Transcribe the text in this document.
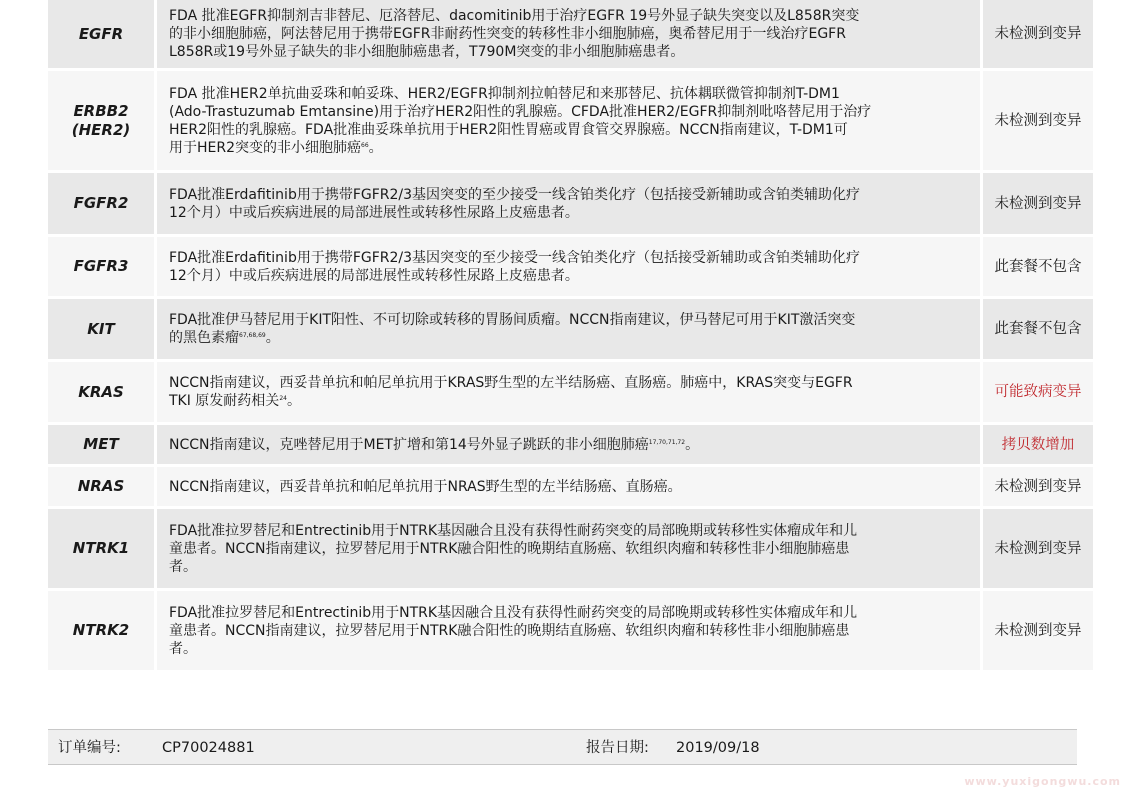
EGFR	FDA 批准EGFR抑制剂吉非替尼、厄洛替尼、dacomitinib用于治疗EGFR 19号外显子缺失突变以及L858R突变
的非小细胞肺癌，阿法替尼用于携带EGFR非耐药性突变的转移性非小细胞肺癌，奥希替尼用于一线治疗EGFR
L858R或19号外显子缺失的非小细胞肺癌患者，T790M突变的非小细胞肺癌患者。	未检测到变异
ERBB2
(HER2)	FDA 批准HER2单抗曲妥珠和帕妥珠、HER2/EGFR抑制剂拉帕替尼和来那替尼、抗体耦联微管抑制剂T-DM1
(Ado-Trastuzumab Emtansine)用于治疗HER2阳性的乳腺癌。CFDA批准HER2/EGFR抑制剂吡咯替尼用于治疗
HER2阳性的乳腺癌。FDA批准曲妥珠单抗用于HER2阳性胃癌或胃食管交界腺癌。NCCN指南建议，T-DM1可
用于HER2突变的非小细胞肺癌$^{66}$。	未检测到变异
FGFR2	FDA批准Erdafitinib用于携带FGFR2/3基因突变的至少接受一线含铂类化疗（包括接受新辅助或含铂类辅助化疗
12个月）中或后疾病进展的局部进展性或转移性尿路上皮癌患者。	未检测到变异
FGFR3	FDA批准Erdafitinib用于携带FGFR2/3基因突变的至少接受一线含铂类化疗（包括接受新辅助或含铂类辅助化疗
12个月）中或后疾病进展的局部进展性或转移性尿路上皮癌患者。	此套餐不包含
KIT	FDA批准伊马替尼用于KIT阳性、不可切除或转移的胃肠间质瘤。NCCN指南建议，伊马替尼可用于KIT激活突变
的黑色素瘤$^{67,68,69}$。	此套餐不包含
KRAS	NCCN指南建议，西妥昔单抗和帕尼单抗用于KRAS野生型的左半结肠癌、直肠癌。肺癌中，KRAS突变与EGFR
TKI 原发耐药相关$^{24}$。	可能致病变异
MET	NCCN指南建议，克唑替尼用于MET扩增和第14号外显子跳跃的非小细胞肺癌$^{17,70,71,72}$。	拷贝数增加
NRAS	NCCN指南建议，西妥昔单抗和帕尼单抗用于NRAS野生型的左半结肠癌、直肠癌。	未检测到变异
NTRK1	FDA批准拉罗替尼和Entrectinib用于NTRK基因融合且没有获得性耐药突变的局部晚期或转移性实体瘤成年和儿
童患者。NCCN指南建议，拉罗替尼用于NTRK融合阳性的晚期结直肠癌、软组织肉瘤和转移性非小细胞肺癌患
者。	未检测到变异
NTRK2	FDA批准拉罗替尼和Entrectinib用于NTRK基因融合且没有获得性耐药突变的局部晚期或转移性实体瘤成年和儿
童患者。NCCN指南建议，拉罗替尼用于NTRK融合阳性的晚期结直肠癌、软组织肉瘤和转移性非小细胞肺癌患
者。	未检测到变异
订单编号:	CP70024881	报告日期: 2019/09/18
www.yuxigongwu.com
